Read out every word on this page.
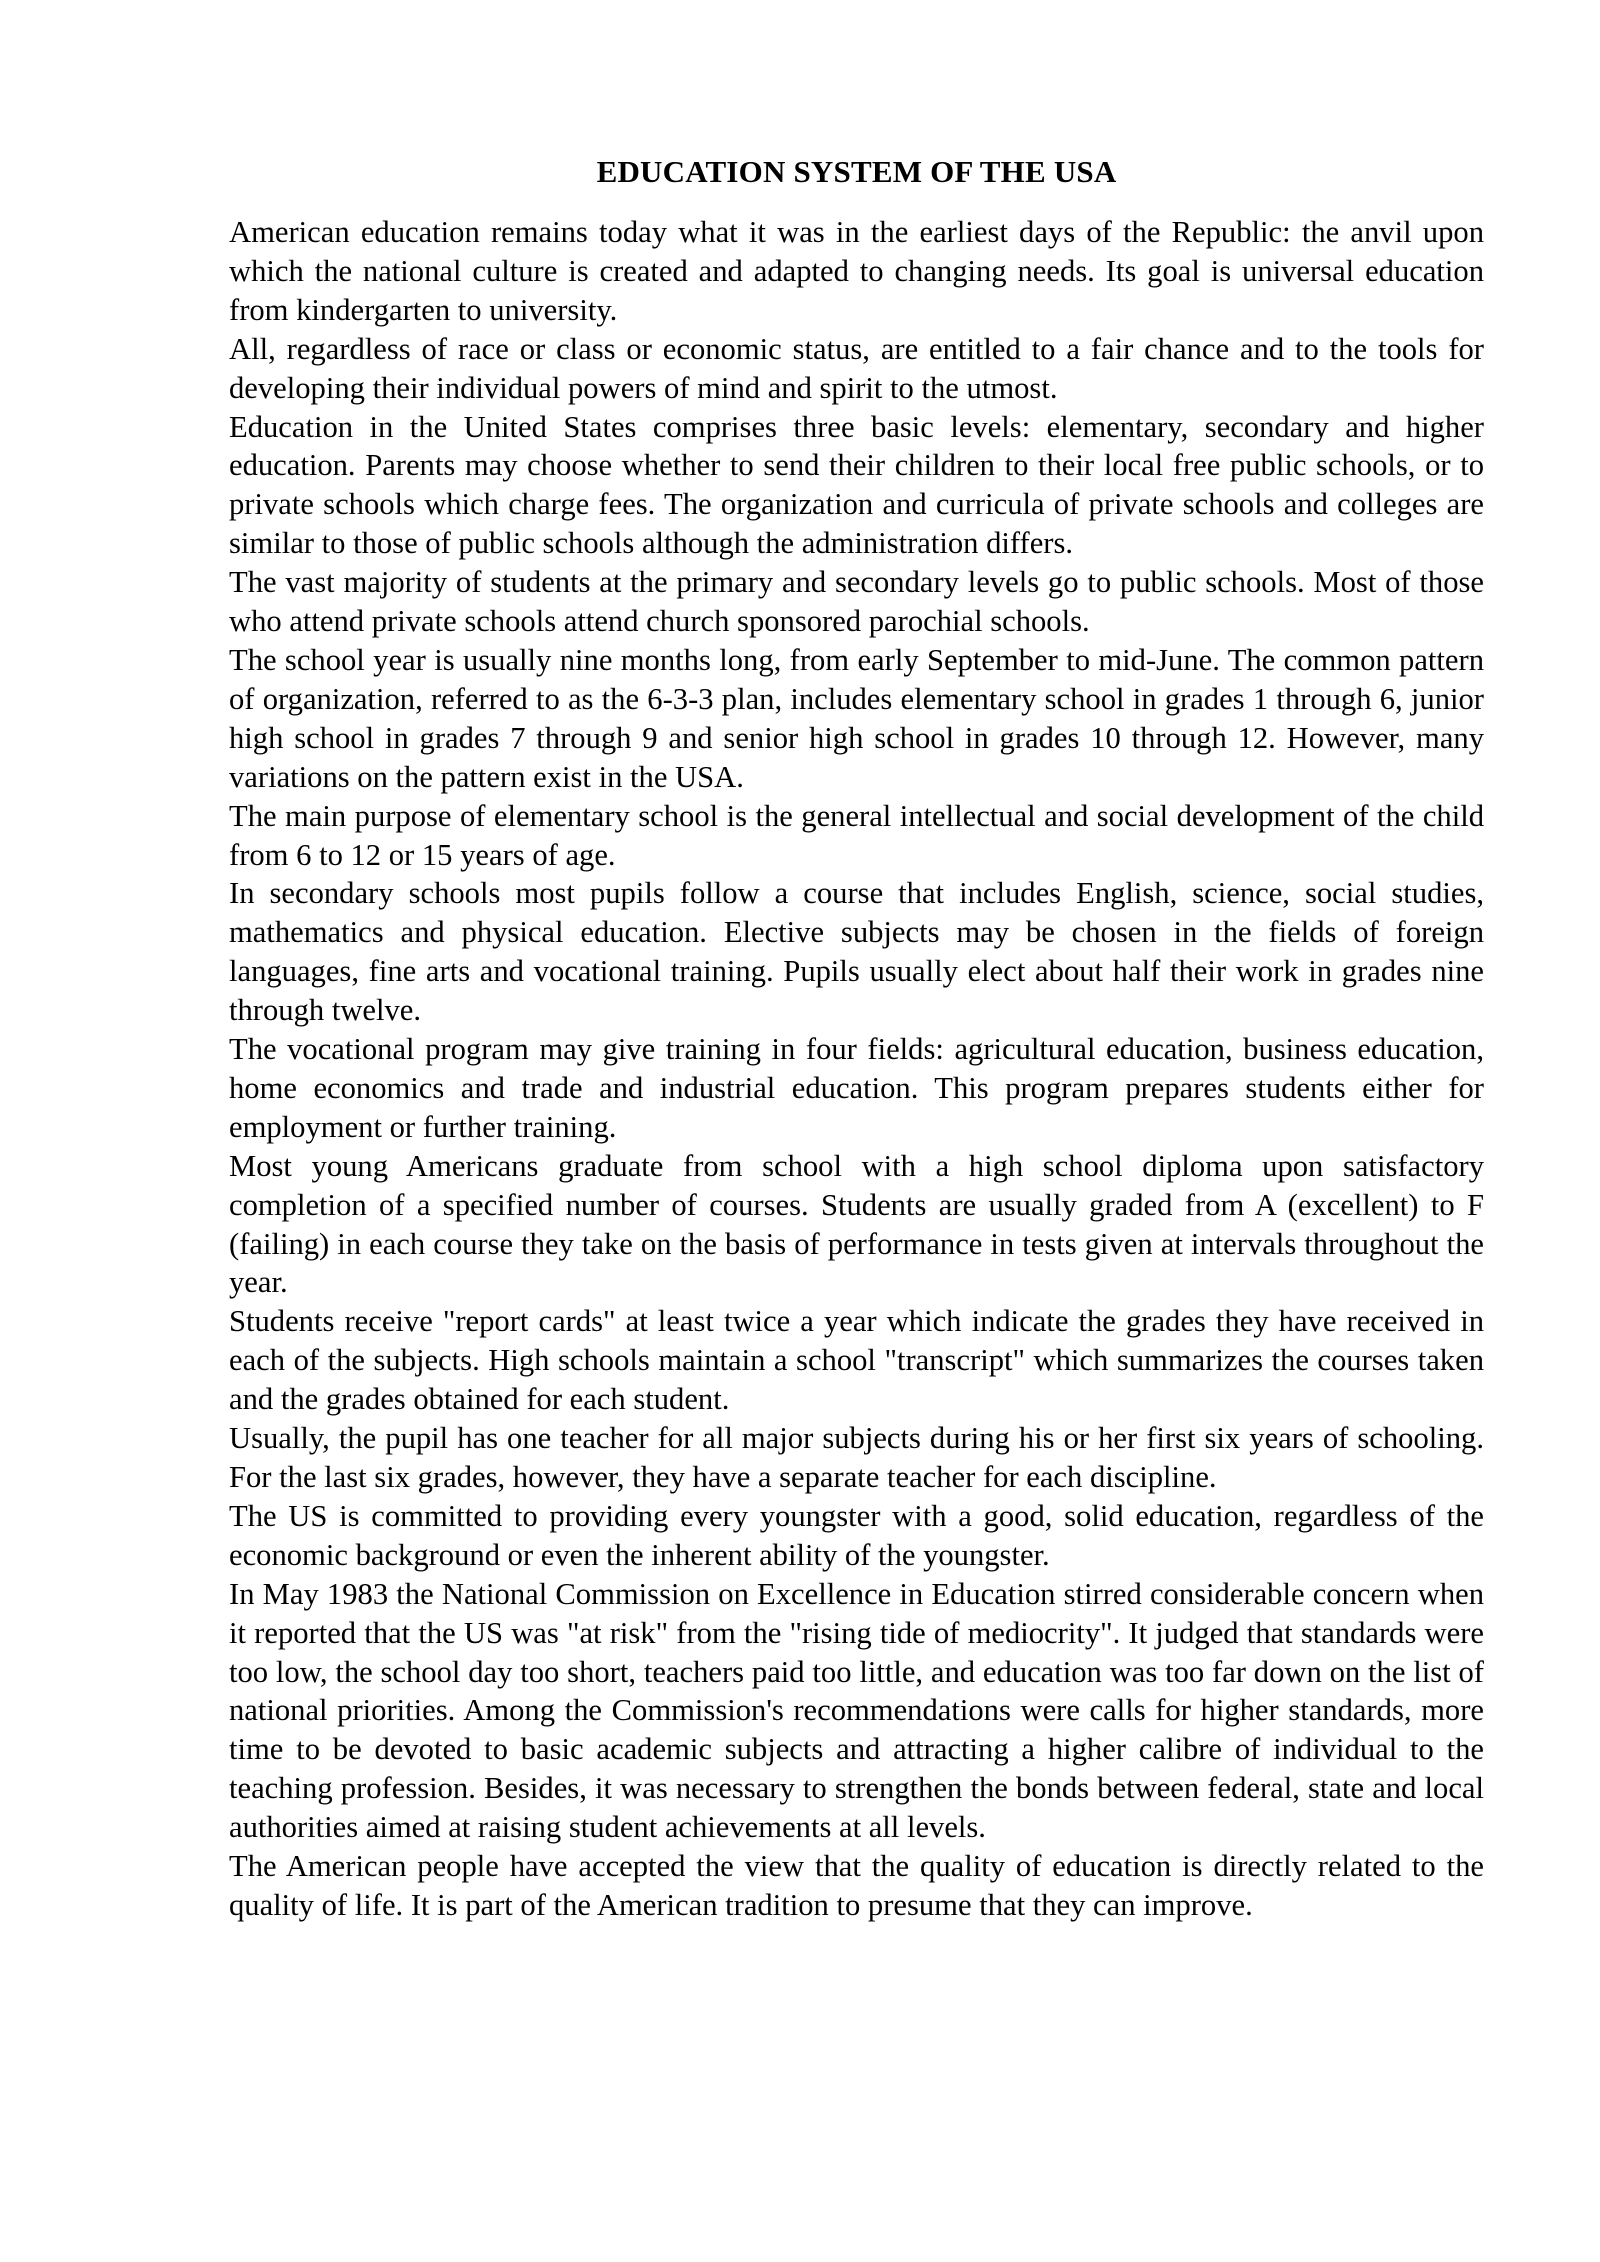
EDUCATION SYSTEM OF THE USA

American education remains today what it was in the earliest days of the Republic: the anvil upon which the national culture is created and adapted to changing needs. Its goal is universal education from kindergarten to university.

All, regardless of race or class or economic status, are entitled to a fair chance and to the tools for developing their individual powers of mind and spirit to the utmost.

Education in the United States comprises three basic levels: elementary, secondary and higher education. Parents may choose whether to send their children to their local free public schools, or to private schools which charge fees. The organization and curricula of private schools and colleges are similar to those of public schools although the administration differs.

The vast majority of students at the primary and secondary levels go to public schools. Most of those who attend private schools attend church sponsored parochial schools.

The school year is usually nine months long, from early September to mid-June. The common pattern of organization, referred to as the 6-3-3 plan, includes elementary school in grades 1 through 6, junior high school in grades 7 through 9 and senior high school in grades 10 through 12. However, many variations on the pattern exist in the USA.

The main purpose of elementary school is the general intellectual and social development of the child from 6 to 12 or 15 years of age.

In secondary schools most pupils follow a course that includes English, science, social studies, mathematics and physical education. Elective subjects may be chosen in the fields of foreign languages, fine arts and vocational training. Pupils usually elect about half their work in grades nine through twelve.

The vocational program may give training in four fields: agricultural education, business education, home economics and trade and industrial education. This program prepares students either for employment or further training.

Most young Americans graduate from school with a high school diploma upon satisfactory completion of a specified number of courses. Students are usually graded from A (excellent) to F (failing) in each course they take on the basis of performance in tests given at intervals throughout the year.

Students receive "report cards" at least twice a year which indicate the grades they have received in each of the subjects. High schools maintain a school "transcript" which summarizes the courses taken and the grades obtained for each student.

Usually, the pupil has one teacher for all major subjects during his or her first six years of schooling. For the last six grades, however, they have a separate teacher for each discipline.

The US is committed to providing every youngster with a good, solid education, regardless of the economic background or even the inherent ability of the youngster.

In May 1983 the National Commission on Excellence in Education stirred considerable concern when it reported that the US was "at risk" from the "rising tide of mediocrity". It judged that standards were too low, the school day too short, teachers paid too little, and education was too far down on the list of national priorities. Among the Commission's recommendations were calls for higher standards, more time to be devoted to basic academic subjects and attracting a higher calibre of individual to the teaching profession. Besides, it was necessary to strengthen the bonds between federal, state and local authorities aimed at raising student achievements at all levels.

The American people have accepted the view that the quality of education is directly related to the quality of life. It is part of the American tradition to presume that they can improve.
